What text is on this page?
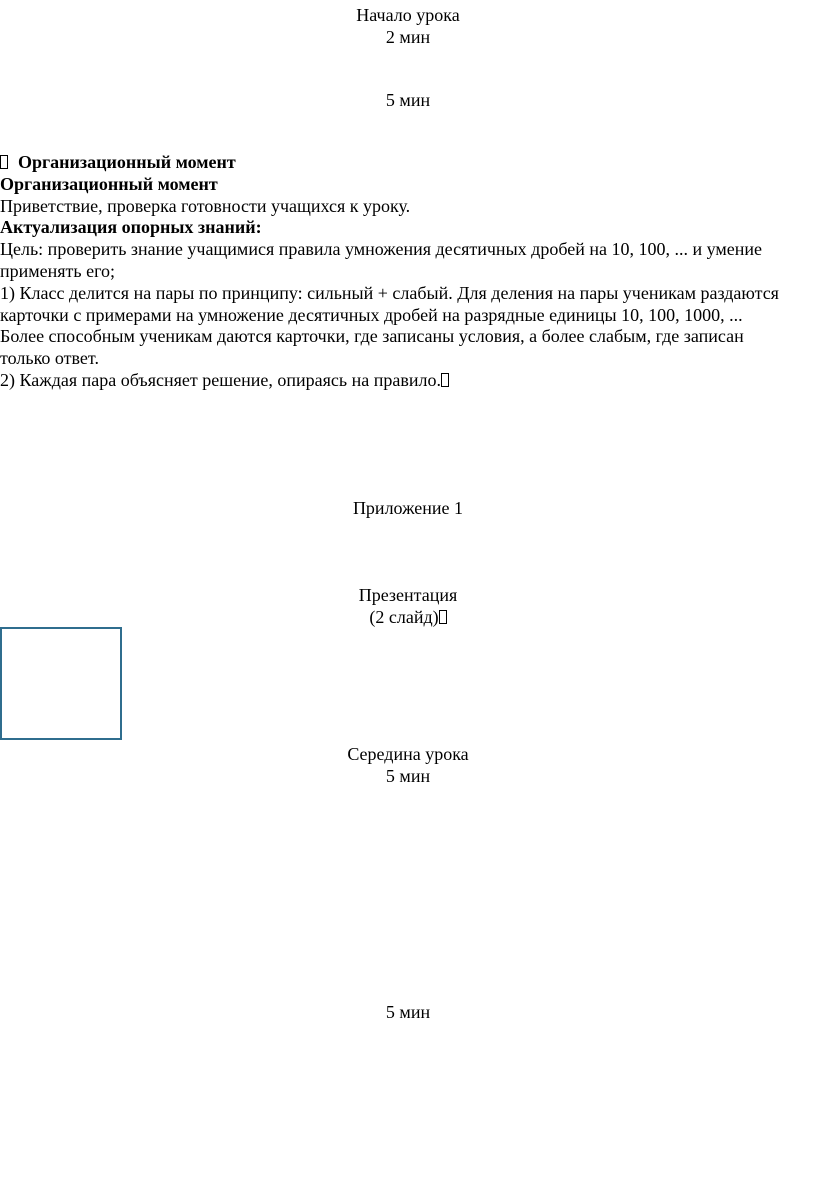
Начало урока
2 мин
5 мин

Организационный момент

Организационный момент

Приветствие, проверка готовности учащихся к уроку.

Актуализация опорных знаний:

Цель: проверить знание учащимися правила умножения десятичных дробей на 10, 100, ... и умение

применять его;

1) Класс делится на пары по принципу: сильный + слабый. Для деления на пары ученикам раздаются

карточки с примерами на умножение десятичных дробей на разрядные единицы 10, 100, 1000, ...

Более способным ученикам даются карточки, где записаны условия, а более слабым, где записан

только ответ.

2) Каждая пара объясняет решение, опираясь на правило.

Приложение 1
Презентация
(2 слайд)
Середина урока
5 мин
5 мин
